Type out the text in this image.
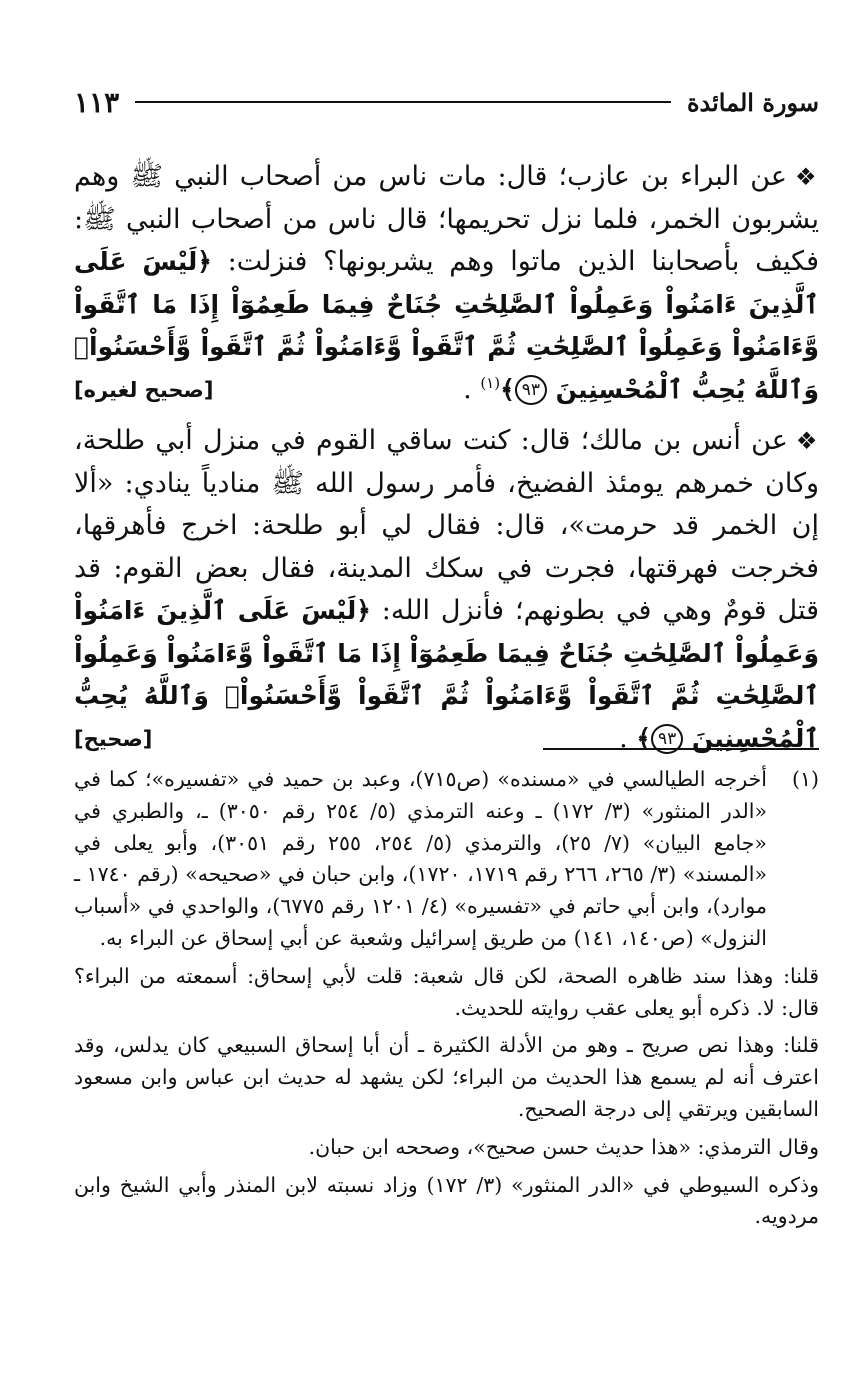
سورة المائدة
١١٣

❖عن البراء بن عازب؛ قال: مات ناس من أصحاب النبي ﷺ وهم يشربون الخمر، فلما نزل تحريمها؛ قال ناس من أصحاب النبي ﷺ: فكيف بأصحابنا الذين ماتوا وهم يشربونها؟ فنزلت: ﴿لَيْسَ عَلَى ٱلَّذِينَ ءَامَنُواْ وَعَمِلُواْ ٱلصَّٰلِحَٰتِ جُنَاحٌ فِيمَا طَعِمُوٓاْ إِذَا مَا ٱتَّقَواْ وَّءَامَنُواْ وَعَمِلُواْ ٱلصَّٰلِحَٰتِ ثُمَّ ٱتَّقَواْ وَّءَامَنُواْ ثُمَّ ٱتَّقَواْ وَّأَحْسَنُواْۚ وَٱللَّهُ يُحِبُّ ٱلْمُحْسِنِينَ ٩٣﴾$^{(١)}$ .
[صحيح لغيره]

❖عن أنس بن مالك؛ قال: كنت ساقي القوم في منزل أبي طلحة، وكان خمرهم يومئذ الفضيخ، فأمر رسول الله ﷺ منادياً ينادي: «ألا إن الخمر قد حرمت»، قال: فقال لي أبو طلحة: اخرج فأهرقها، فخرجت فهرقتها، فجرت في سكك المدينة، فقال بعض القوم: قد قتل قومٌ وهي في بطونهم؛ فأنزل الله: ﴿لَيْسَ عَلَى ٱلَّذِينَ ءَامَنُواْ وَعَمِلُواْ ٱلصَّٰلِحَٰتِ جُنَاحٌ فِيمَا طَعِمُوٓاْ إِذَا مَا ٱتَّقَواْ وَّءَامَنُواْ وَعَمِلُواْ ٱلصَّٰلِحَٰتِ ثُمَّ ٱتَّقَواْ وَّءَامَنُواْ ثُمَّ ٱتَّقَواْ وَّأَحْسَنُواْۚ وَٱللَّهُ يُحِبُّ ٱلْمُحْسِنِينَ ٩٣﴾ .
[صحيح]

(١)
أخرجه الطيالسي في «مسنده» (ص٧١٥)، وعبد بن حميد في «تفسيره»؛ كما في «الدر المنثور» (٣/ ١٧٢) ـ وعنه الترمذي (٥/ ٢٥٤ رقم ٣٠٥٠) ـ، والطبري في «جامع البيان» (٧/ ٢٥)، والترمذي (٥/ ٢٥٤، ٢٥٥ رقم ٣٠٥١)، وأبو يعلى في «المسند» (٣/ ٢٦٥، ٢٦٦ رقم ١٧١٩، ١٧٢٠)، وابن حبان في «صحيحه» (رقم ١٧٤٠ ـ موارد)، وابن أبي حاتم في «تفسيره» (٤/ ١٢٠١ رقم ٦٧٧٥)، والواحدي في «أسباب النزول» (ص١٤٠، ١٤١) من طريق إسرائيل وشعبة عن أبي إسحاق عن البراء به.

قلنا: وهذا سند ظاهره الصحة، لكن قال شعبة: قلت لأبي إسحاق: أسمعته من البراء؟ قال: لا. ذكره أبو يعلى عقب روايته للحديث.

قلنا: وهذا نص صريح ـ وهو من الأدلة الكثيرة ـ أن أبا إسحاق السبيعي كان يدلس، وقد اعترف أنه لم يسمع هذا الحديث من البراء؛ لكن يشهد له حديث ابن عباس وابن مسعود السابقين ويرتقي إلى درجة الصحيح.

وقال الترمذي: «هذا حديث حسن صحيح»، وصححه ابن حبان.

وذكره السيوطي في «الدر المنثور» (٣/ ١٧٢) وزاد نسبته لابن المنذر وأبي الشيخ وابن مردويه.
